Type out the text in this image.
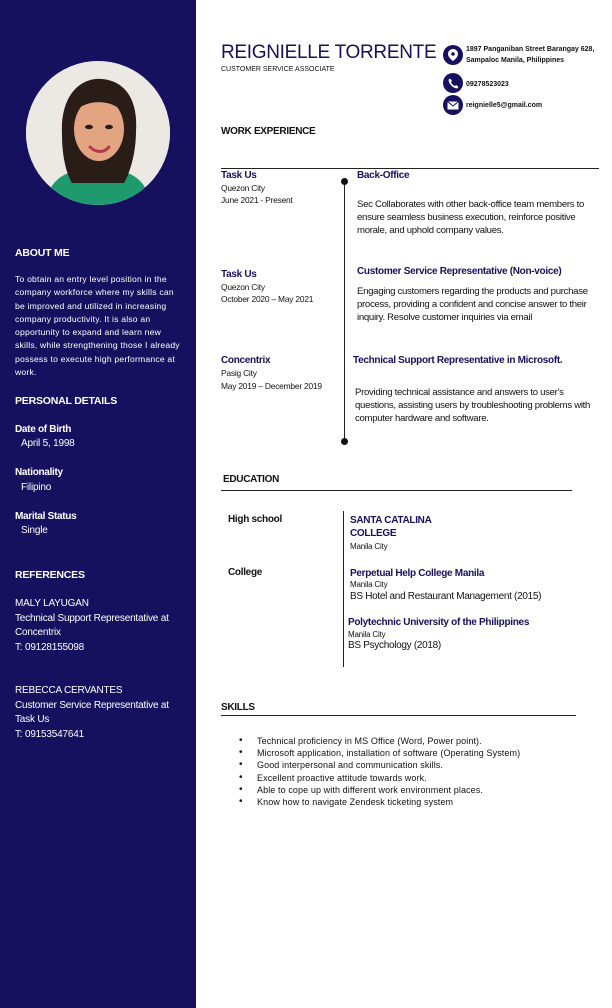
ABOUT ME

To obtain an entry level position in the company workforce where my skills can be improved and utilized in increasing company productivity. It is also an opportunity to expand and learn new skills, while strengthening those I already possess to execute high performance at work.

PERSONAL DETAILS
Date of Birth
April 5, 1998
Nationality
Filipino
Marital Status
Single
REFERENCES
MALY LAYUGAN
Technical Support Representative at Concentrix
T: 09128155098
REBECCA CERVANTES
Customer Service Representative at Task Us
T: 09153547641
REIGNIELLE TORRENTE
CUSTOMER SERVICE ASSOCIATE
1897 Panganiban Street Barangay 628, Sampaloc Manila, Philippines
09278523023
reignielle5@gmail.com
WORK EXPERIENCE
Task Us
Quezon City
June 2021 - Present
Back-Office

Sec Collaborates with other back-office team members to ensure seamless business execution, reinforce positive morale, and uphold company values.

Task Us
Quezon City
October 2020 – May 2021
Customer Service Representative (Non-voice)

Engaging customers regarding the products and purchase process, providing a confident and concise answer to their inquiry. Resolve customer inquiries via email

Concentrix
Pasig City
May 2019 – December 2019
Technical Support Representative in Microsoft.

Providing technical assistance and answers to user's questions, assisting users by troubleshooting problems with computer hardware and software.

EDUCATION
High school
College
SANTA CATALINA
COLLEGE
Manila City
Perpetual Help College Manila
Manila City
BS Hotel and Restaurant Management (2015)
Polytechnic University of the Philippines
Manila City
BS Psychology (2018)
SKILLS
• Technical proficiency in MS Office (Word, Power point).
• Microsoft application, installation of software (Operating System)
• Good interpersonal and communication skills.
• Excellent proactive attitude towards work.
• Able to cope up with different work environment places.
• Know how to navigate Zendesk ticketing system
